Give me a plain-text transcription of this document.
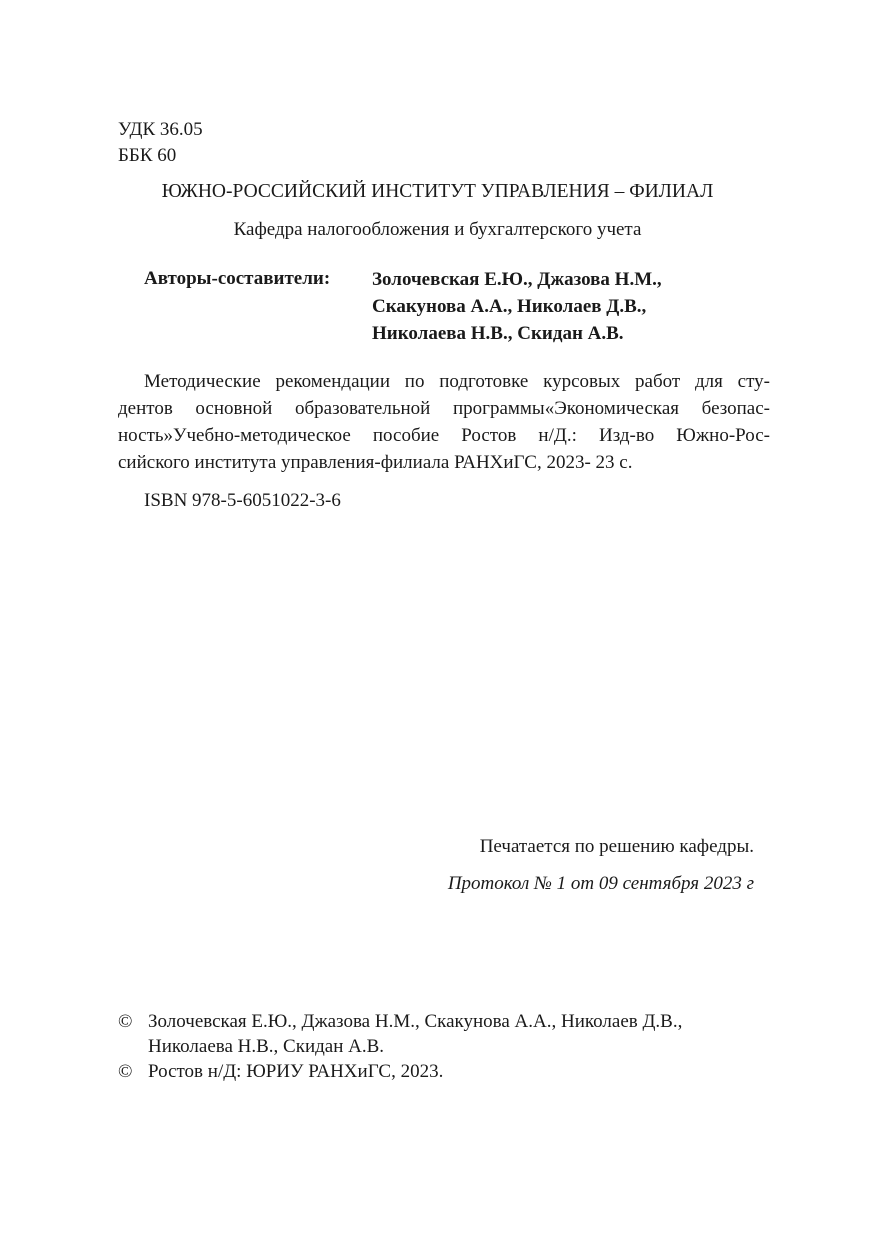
УДК 36.05
ББК 60
ЮЖНО-РОССИЙСКИЙ ИНСТИТУТ УПРАВЛЕНИЯ – ФИЛИАЛ
Кафедра налогообложения и бухгалтерского учета
Авторы-составители: Золочевская Е.Ю., Джазова Н.М.,
Скакунова А.А., Николаев Д.В.,
Николаева Н.В., Скидан А.В.
Методические рекомендации по подготовке курсовых работ для сту-
дентов основной образовательной программы«Экономическая безопас-
ность»Учебно-методическое пособие Ростов н/Д.: Изд-во Южно-Рос-
сийского института управления-филиала РАНХиГС, 2023- 23 с.
ISBN 978-5-6051022-3-6
Печатается по решению кафедры.
Протокол № 1 от 09 сентября 2023 г
© Золочевская Е.Ю., Джазова Н.М., Скакунова А.А., Николаев Д.В.,
Николаева Н.В., Скидан А.В.
© Ростов н/Д: ЮРИУ РАНХиГС, 2023.
